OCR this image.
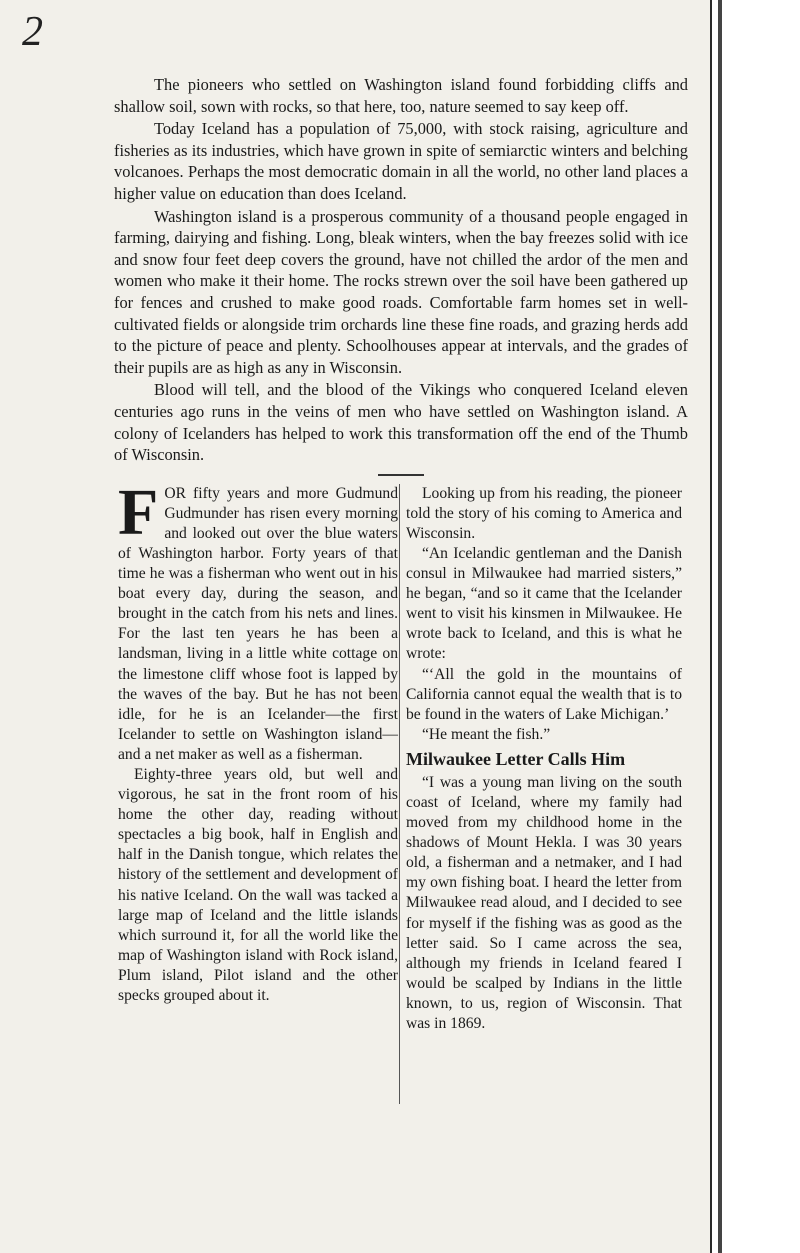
2

The pioneers who settled on Washington island found forbidding cliffs and shallow soil, sown with rocks, so that here, too, nature seemed to say keep off.

Today Iceland has a population of 75,000, with stock raising, agriculture and fisheries as its industries, which have grown in spite of semiarctic winters and belching volcanoes. Perhaps the most democratic domain in all the world, no other land places a higher value on education than does Iceland.

Washington island is a prosperous community of a thousand people engaged in farming, dairying and fishing. Long, bleak winters, when the bay freezes solid with ice and snow four feet deep covers the ground, have not chilled the ardor of the men and women who make it their home. The rocks strewn over the soil have been gathered up for fences and crushed to make good roads. Comfortable farm homes set in well-cultivated fields or alongside trim orchards line these fine roads, and grazing herds add to the picture of peace and plenty. Schoolhouses appear at intervals, and the grades of their pupils are as high as any in Wisconsin.

Blood will tell, and the blood of the Vikings who conquered Iceland eleven centuries ago runs in the veins of men who have settled on Washington island. A colony of Icelanders has helped to work this transformation off the end of the Thumb of Wisconsin.

FOR fifty years and more Gudmund Gudmunder has risen every morning and looked out over the blue waters of Washington harbor. Forty years of that time he was a fisherman who went out in his boat every day, during the season, and brought in the catch from his nets and lines. For the last ten years he has been a landsman, living in a little white cottage on the limestone cliff whose foot is lapped by the waves of the bay. But he has not been idle, for he is an Icelander—the first Icelander to settle on Washington island—and a net maker as well as a fisherman.

Eighty-three years old, but well and vigorous, he sat in the front room of his home the other day, reading without spectacles a big book, half in English and half in the Danish tongue, which relates the history of the settlement and development of his native Iceland. On the wall was tacked a large map of Iceland and the little islands which surround it, for all the world like the map of Washington island with Rock island, Plum island, Pilot island and the other specks grouped about it.

Looking up from his reading, the pioneer told the story of his coming to America and Wisconsin.

“An Icelandic gentleman and the Danish consul in Milwaukee had married sisters,” he began, “and so it came that the Icelander went to visit his kinsmen in Milwaukee. He wrote back to Iceland, and this is what he wrote:

“‘All the gold in the mountains of California cannot equal the wealth that is to be found in the waters of Lake Michigan.’

“He meant the fish.”

Milwaukee Letter Calls Him

“I was a young man living on the south coast of Iceland, where my family had moved from my childhood home in the shadows of Mount Hekla. I was 30 years old, a fisherman and a netmaker, and I had my own fishing boat. I heard the letter from Milwaukee read aloud, and I decided to see for myself if the fishing was as good as the letter said. So I came across the sea, although my friends in Iceland feared I would be scalped by Indians in the little known, to us, region of Wisconsin. That was in 1869.
